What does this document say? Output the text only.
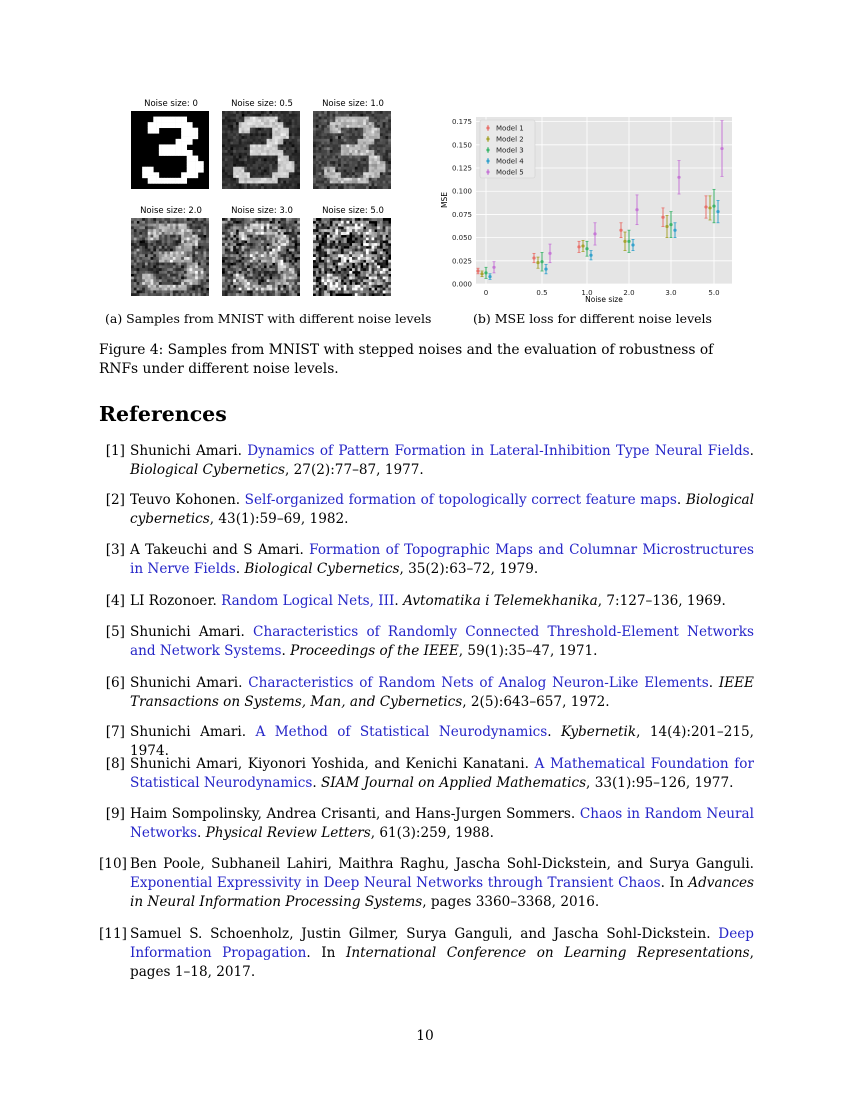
Noise size: 0	Noise size: 0.5	Noise size: 1.0
Noise size: 2.0	Noise size: 3.0	Noise size: 5.0
(a) Samples from MNIST with different noise levels
0.000
0.025
0.050
0.075
0.100
0.125
0.150
0.175
0	0.5	1.0	2.0	3.0	5.0
Model 1
Model 2
Model 3
Model 4
Model 5
Noise size
MSE
(b) MSE loss for different noise levels
Figure 4: Samples from MNIST with stepped noises and the evaluation of robustness of RNFs under different noise levels.
References
[1] Shunichi Amari. Dynamics of Pattern Formation in Lateral-Inhibition Type Neural Fields. Biological Cybernetics, 27(2):77–87, 1977.
[2] Teuvo Kohonen. Self-organized formation of topologically correct feature maps. Biological cybernetics, 43(1):59–69, 1982.
[3] A Takeuchi and S Amari. Formation of Topographic Maps and Columnar Microstructures in Nerve Fields. Biological Cybernetics, 35(2):63–72, 1979.
[4] LI Rozonoer. Random Logical Nets, III. Avtomatika i Telemekhanika, 7:127–136, 1969.
[5] Shunichi Amari. Characteristics of Randomly Connected Threshold-Element Networks and Network Systems. Proceedings of the IEEE, 59(1):35–47, 1971.
[6] Shunichi Amari. Characteristics of Random Nets of Analog Neuron-Like Elements. IEEE Transactions on Systems, Man, and Cybernetics, 2(5):643–657, 1972.
[7] Shunichi Amari. A Method of Statistical Neurodynamics. Kybernetik, 14(4):201–215, 1974.
[8] Shunichi Amari, Kiyonori Yoshida, and Kenichi Kanatani. A Mathematical Foundation for Statistical Neurodynamics. SIAM Journal on Applied Mathematics, 33(1):95–126, 1977.
[9] Haim Sompolinsky, Andrea Crisanti, and Hans-Jurgen Sommers. Chaos in Random Neural Networks. Physical Review Letters, 61(3):259, 1988.
[10] Ben Poole, Subhaneil Lahiri, Maithra Raghu, Jascha Sohl-Dickstein, and Surya Ganguli. Exponential Expressivity in Deep Neural Networks through Transient Chaos. In Advances in Neural Information Processing Systems, pages 3360–3368, 2016.
[11] Samuel S. Schoenholz, Justin Gilmer, Surya Ganguli, and Jascha Sohl-Dickstein. Deep Information Propagation. In International Conference on Learning Representations, pages 1–18, 2017.
10
